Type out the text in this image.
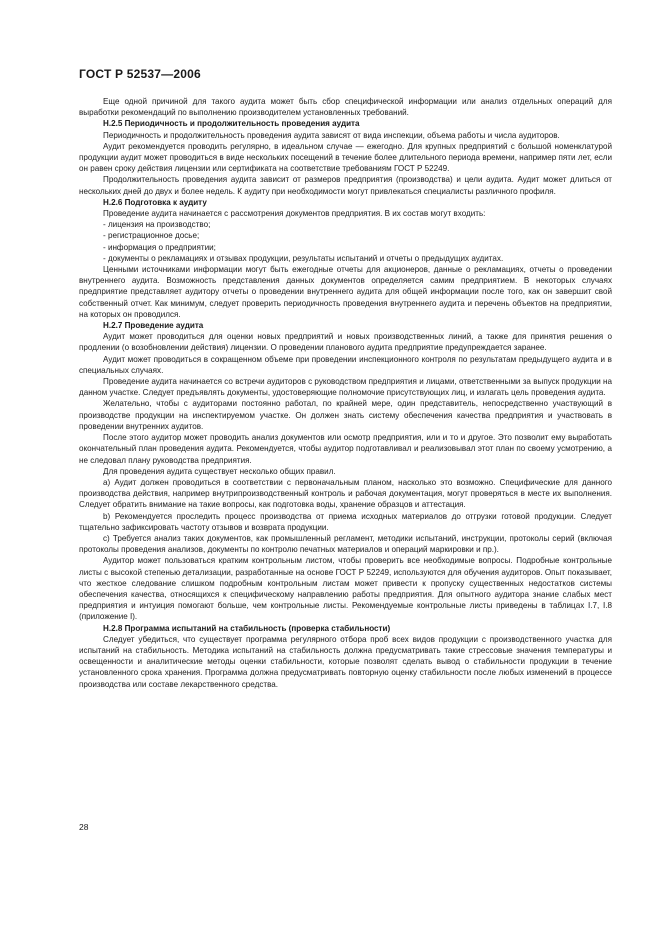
ГОСТ Р 52537—2006

Еще одной причиной для такого аудита может быть сбор специфической информации или анализ отдельных операций для выработки рекомендаций по выполнению производителем установленных требований.

Н.2.5 Периодичность и продолжительность проведения аудита

Периодичность и продолжительность проведения аудита зависят от вида инспекции, объема работы и числа аудиторов.

Аудит рекомендуется проводить регулярно, в идеальном случае — ежегодно. Для крупных предприятий с большой номенклатурой продукции аудит может проводиться в виде нескольких посещений в течение более длительного периода времени, например пяти лет, если он равен сроку действия лицензии или сертификата на соответствие требованиям ГОСТ Р 52249.

Продолжительность проведения аудита зависит от размеров предприятия (производства) и цели аудита. Аудит может длиться от нескольких дней до двух и более недель. К аудиту при необходимости могут привлекаться специалисты различного профиля.

Н.2.6 Подготовка к аудиту

Проведение аудита начинается с рассмотрения документов предприятия. В их состав могут входить:

- лицензия на производство;

- регистрационное досье;

- информация о предприятии;

- документы о рекламациях и отзывах продукции, результаты испытаний и отчеты о предыдущих аудитах.

Ценными источниками информации могут быть ежегодные отчеты для акционеров, данные о рекламациях, отчеты о проведении внутреннего аудита. Возможность представления данных документов определяется самим предприятием. В некоторых случаях предприятие представляет аудитору отчеты о проведении внутреннего аудита для общей информации после того, как он завершит свой собственный отчет. Как минимум, следует проверить периодичность проведения внутреннего аудита и перечень объектов на предприятии, на которых он проводился.

Н.2.7 Проведение аудита

Аудит может проводиться для оценки новых предприятий и новых производственных линий, а также для принятия решения о продлении (о возобновлении действия) лицензии. О проведении планового аудита предприятие предупреждается заранее.

Аудит может проводиться в сокращенном объеме при проведении инспекционного контроля по результатам предыдущего аудита и в специальных случаях.

Проведение аудита начинается со встречи аудиторов с руководством предприятия и лицами, ответственными за выпуск продукции на данном участке. Следует предъявлять документы, удостоверяющие полномочие присутствующих лиц, и излагать цель проведения аудита.

Желательно, чтобы с аудиторами постоянно работал, по крайней мере, один представитель, непосредственно участвующий в производстве продукции на инспектируемом участке. Он должен знать систему обеспечения качества предприятия и участвовать в проведении внутренних аудитов.

После этого аудитор может проводить анализ документов или осмотр предприятия, или и то и другое. Это позволит ему выработать окончательный план проведения аудита. Рекомендуется, чтобы аудитор подготавливал и реализовывал этот план по своему усмотрению, а не следовал плану руководства предприятия.

Для проведения аудита существует несколько общих правил.

а) Аудит должен проводиться в соответствии с первоначальным планом, насколько это возможно. Специфические для данного производства действия, например внутрипроизводственный контроль и рабочая документация, могут проверяться в месте их выполнения. Следует обратить внимание на такие вопросы, как подготовка воды, хранение образцов и аттестация.

b) Рекомендуется проследить процесс производства от приема исходных материалов до отгрузки готовой продукции. Следует тщательно зафиксировать частоту отзывов и возврата продукции.

с) Требуется анализ таких документов, как промышленный регламент, методики испытаний, инструкции, протоколы серий (включая протоколы проведения анализов, документы по контролю печатных материалов и операций маркировки и пр.).

Аудитор может пользоваться кратким контрольным листом, чтобы проверить все необходимые вопросы. Подробные контрольные листы с высокой степенью детализации, разработанные на основе ГОСТ Р 52249, используются для обучения аудиторов. Опыт показывает, что жесткое следование слишком подробным контрольным листам может привести к пропуску существенных недостатков системы обеспечения качества, относящихся к специфическому направлению работы предприятия. Для опытного аудитора знание слабых мест предприятия и интуиция помогают больше, чем контрольные листы. Рекомендуемые контрольные листы приведены в таблицах I.7, I.8 (приложение I).

Н.2.8 Программа испытаний на стабильность (проверка стабильности)

Следует убедиться, что существует программа регулярного отбора проб всех видов продукции с производственного участка для испытаний на стабильность. Методика испытаний на стабильность должна предусматривать такие стрессовые значения температуры и освещенности и аналитические методы оценки стабильности, которые позволят сделать вывод о стабильности продукции в течение установленного срока хранения. Программа должна предусматривать повторную оценку стабильности после любых изменений в процессе производства или составе лекарственного средства.

28
